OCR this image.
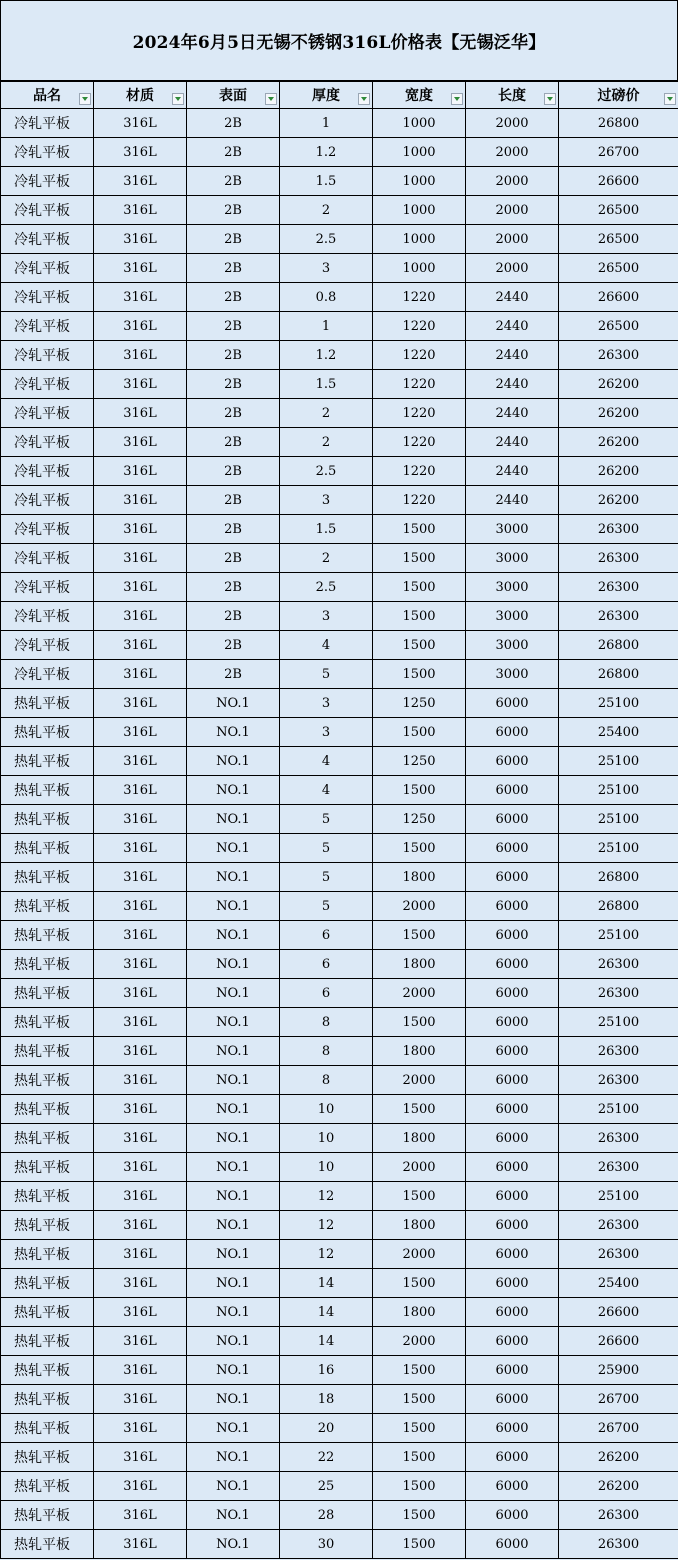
2024年6月5日无锡不锈钢316L价格表【无锡泛华】
品名	材质	表面	厚度	宽度	长度	过磅价

冷轧平板	316L	2B	1	1000	2000	26800
冷轧平板	316L	2B	1.2	1000	2000	26700
冷轧平板	316L	2B	1.5	1000	2000	26600
冷轧平板	316L	2B	2	1000	2000	26500
冷轧平板	316L	2B	2.5	1000	2000	26500
冷轧平板	316L	2B	3	1000	2000	26500
冷轧平板	316L	2B	0.8	1220	2440	26600
冷轧平板	316L	2B	1	1220	2440	26500
冷轧平板	316L	2B	1.2	1220	2440	26300
冷轧平板	316L	2B	1.5	1220	2440	26200
冷轧平板	316L	2B	2	1220	2440	26200
冷轧平板	316L	2B	2	1220	2440	26200
冷轧平板	316L	2B	2.5	1220	2440	26200
冷轧平板	316L	2B	3	1220	2440	26200
冷轧平板	316L	2B	1.5	1500	3000	26300
冷轧平板	316L	2B	2	1500	3000	26300
冷轧平板	316L	2B	2.5	1500	3000	26300
冷轧平板	316L	2B	3	1500	3000	26300
冷轧平板	316L	2B	4	1500	3000	26800
冷轧平板	316L	2B	5	1500	3000	26800
热轧平板	316L	NO.1	3	1250	6000	25100
热轧平板	316L	NO.1	3	1500	6000	25400
热轧平板	316L	NO.1	4	1250	6000	25100
热轧平板	316L	NO.1	4	1500	6000	25100
热轧平板	316L	NO.1	5	1250	6000	25100
热轧平板	316L	NO.1	5	1500	6000	25100
热轧平板	316L	NO.1	5	1800	6000	26800
热轧平板	316L	NO.1	5	2000	6000	26800
热轧平板	316L	NO.1	6	1500	6000	25100
热轧平板	316L	NO.1	6	1800	6000	26300
热轧平板	316L	NO.1	6	2000	6000	26300
热轧平板	316L	NO.1	8	1500	6000	25100
热轧平板	316L	NO.1	8	1800	6000	26300
热轧平板	316L	NO.1	8	2000	6000	26300
热轧平板	316L	NO.1	10	1500	6000	25100
热轧平板	316L	NO.1	10	1800	6000	26300
热轧平板	316L	NO.1	10	2000	6000	26300
热轧平板	316L	NO.1	12	1500	6000	25100
热轧平板	316L	NO.1	12	1800	6000	26300
热轧平板	316L	NO.1	12	2000	6000	26300
热轧平板	316L	NO.1	14	1500	6000	25400
热轧平板	316L	NO.1	14	1800	6000	26600
热轧平板	316L	NO.1	14	2000	6000	26600
热轧平板	316L	NO.1	16	1500	6000	25900
热轧平板	316L	NO.1	18	1500	6000	26700
热轧平板	316L	NO.1	20	1500	6000	26700
热轧平板	316L	NO.1	22	1500	6000	26200
热轧平板	316L	NO.1	25	1500	6000	26200
热轧平板	316L	NO.1	28	1500	6000	26300
热轧平板	316L	NO.1	30	1500	6000	26300
